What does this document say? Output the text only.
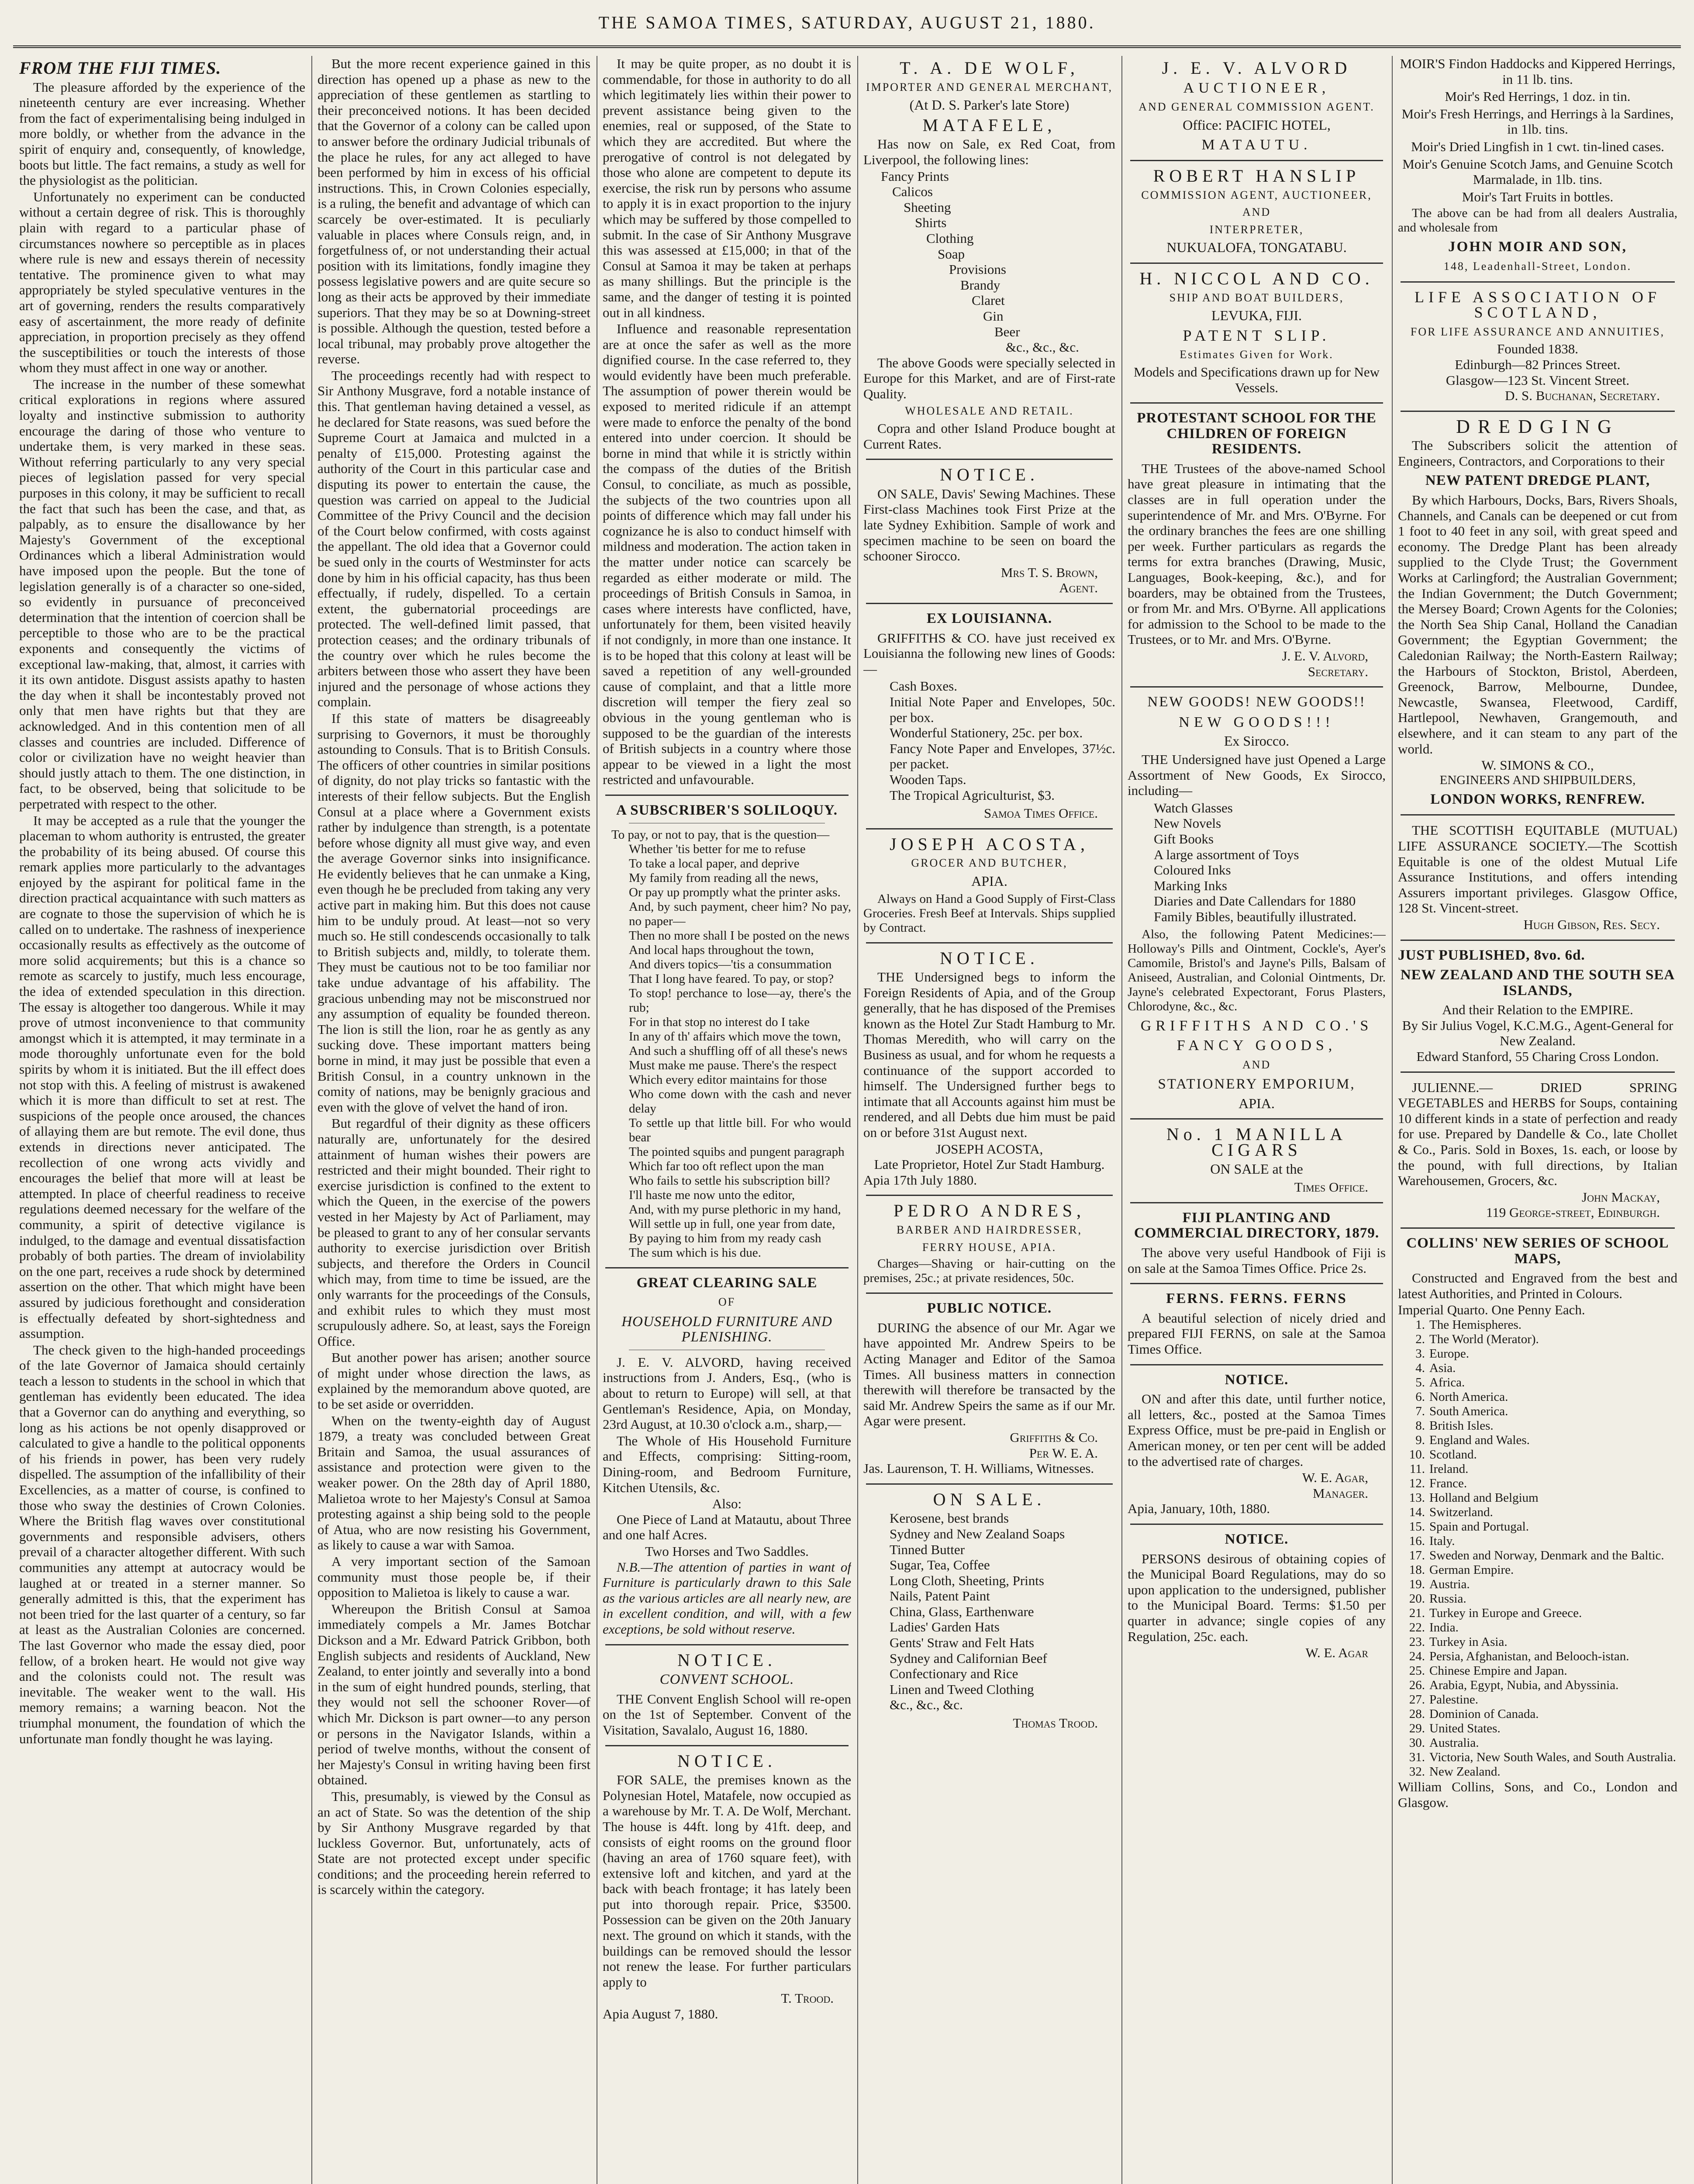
THE SAMOA TIMES, SATURDAY, AUGUST 21, 1880.
FROM THE FIJI TIMES.

The pleasure afforded by the experience of the nineteenth century are ever increasing. Whether from the fact of experimentalising being indulged in more boldly, or whether from the advance in the spirit of enquiry and, consequently, of knowledge, boots but little. The fact remains, a study as well for the physiologist as the politician.

Unfortunately no experiment can be conducted without a certain degree of risk. This is thoroughly plain with regard to a particular phase of circumstances nowhere so perceptible as in places where rule is new and essays therein of necessity tentative. The prominence given to what may appropriately be styled speculative ventures in the art of governing, renders the results comparatively easy of ascertainment, the more ready of definite appreciation, in proportion precisely as they offend the susceptibilities or touch the interests of those whom they must affect in one way or another.

The increase in the number of these somewhat critical explorations in regions where assured loyalty and instinctive submission to authority encourage the daring of those who venture to undertake them, is very marked in these seas. Without referring particularly to any very special pieces of legislation passed for very special purposes in this colony, it may be sufficient to recall the fact that such has been the case, and that, as palpably, as to ensure the disallowance by her Majesty's Government of the exceptional Ordinances which a liberal Administration would have imposed upon the people. But the tone of legislation generally is of a character so one-sided, so evidently in pursuance of preconceived determination that the intention of coercion shall be perceptible to those who are to be the practical exponents and consequently the victims of exceptional law-making, that, almost, it carries with it its own antidote. Disgust assists apathy to hasten the day when it shall be incontestably proved not only that men have rights but that they are acknowledged. And in this contention men of all classes and countries are included. Difference of color or civilization have no weight heavier than should justly attach to them. The one distinction, in fact, to be observed, being that solicitude to be perpetrated with respect to the other.

It may be accepted as a rule that the younger the placeman to whom authority is entrusted, the greater the probability of its being abused. Of course this remark applies more particularly to the advantages enjoyed by the aspirant for political fame in the direction practical acquaintance with such matters as are cognate to those the supervision of which he is called on to undertake. The rashness of inexperience occasionally results as effectively as the outcome of more solid acquirements; but this is a chance so remote as scarcely to justify, much less encourage, the idea of extended speculation in this direction. The essay is altogether too dangerous. While it may prove of utmost inconvenience to that community amongst which it is attempted, it may terminate in a mode thoroughly unfortunate even for the bold spirits by whom it is initiated. But the ill effect does not stop with this. A feeling of mistrust is awakened which it is more than difficult to set at rest. The suspicions of the people once aroused, the chances of allaying them are but remote. The evil done, thus extends in directions never anticipated. The recollection of one wrong acts vividly and encourages the belief that more will at least be attempted. In place of cheerful readiness to receive regulations deemed necessary for the welfare of the community, a spirit of detective vigilance is indulged, to the damage and eventual dissatisfaction probably of both parties. The dream of inviolability on the one part, receives a rude shock by determined assertion on the other. That which might have been assured by judicious forethought and consideration is effectually defeated by short-sightedness and assumption.

The check given to the high-handed proceedings of the late Governor of Jamaica should certainly teach a lesson to students in the school in which that gentleman has evidently been educated. The idea that a Governor can do anything and everything, so long as his actions be not openly disapproved or calculated to give a handle to the political opponents of his friends in power, has been very rudely dispelled. The assumption of the infallibility of their Excellencies, as a matter of course, is confined to those who sway the destinies of Crown Colonies. Where the British flag waves over constitutional governments and responsible advisers, others prevail of a character altogether different. With such communities any attempt at autocracy would be laughed at or treated in a sterner manner. So generally admitted is this, that the experiment has not been tried for the last quarter of a century, so far at least as the Australian Colonies are concerned. The last Governor who made the essay died, poor fellow, of a broken heart. He would not give way and the colonists could not. The result was inevitable. The weaker went to the wall. His memory remains; a warning beacon. Not the triumphal monument, the foundation of which the unfortunate man fondly thought he was laying.

But the more recent experience gained in this direction has opened up a phase as new to the appreciation of these gentlemen as startling to their preconceived notions. It has been decided that the Governor of a colony can be called upon to answer before the ordinary Judicial tribunals of the place he rules, for any act alleged to have been performed by him in excess of his official instructions. This, in Crown Colonies especially, is a ruling, the benefit and advantage of which can scarcely be over-estimated. It is peculiarly valuable in places where Consuls reign, and, in forgetfulness of, or not understanding their actual position with its limitations, fondly imagine they possess legislative powers and are quite secure so long as their acts be approved by their immediate superiors. That they may be so at Downing-street is possible. Although the question, tested before a local tribunal, may probably prove altogether the reverse.

The proceedings recently had with respect to Sir Anthony Musgrave, ford a notable instance of this. That gentleman having detained a vessel, as he declared for State reasons, was sued before the Supreme Court at Jamaica and mulcted in a penalty of £15,000. Protesting against the authority of the Court in this particular case and disputing its power to entertain the cause, the question was carried on appeal to the Judicial Committee of the Privy Council and the decision of the Court below confirmed, with costs against the appellant. The old idea that a Governor could be sued only in the courts of Westminster for acts done by him in his official capacity, has thus been effectually, if rudely, dispelled. To a certain extent, the gubernatorial proceedings are protected. The well-defined limit passed, that protection ceases; and the ordinary tribunals of the country over which he rules become the arbiters between those who assert they have been injured and the personage of whose actions they complain.

If this state of matters be disagreeably surprising to Governors, it must be thoroughly astounding to Consuls. That is to British Consuls. The officers of other countries in similar positions of dignity, do not play tricks so fantastic with the interests of their fellow subjects. But the English Consul at a place where a Government exists rather by indulgence than strength, is a potentate before whose dignity all must give way, and even the average Governor sinks into insignificance. He evidently believes that he can unmake a King, even though he be precluded from taking any very active part in making him. But this does not cause him to be unduly proud. At least—not so very much so. He still condescends occasionally to talk to British subjects and, mildly, to tolerate them. They must be cautious not to be too familiar nor take undue advantage of his affability. The gracious unbending may not be misconstrued nor any assumption of equality be founded thereon. The lion is still the lion, roar he as gently as any sucking dove. These important matters being borne in mind, it may just be possible that even a British Consul, in a country unknown in the comity of nations, may be benignly gracious and even with the glove of velvet the hand of iron.

But regardful of their dignity as these officers naturally are, unfortunately for the desired attainment of human wishes their powers are restricted and their might bounded. Their right to exercise jurisdiction is confined to the extent to which the Queen, in the exercise of the powers vested in her Majesty by Act of Parliament, may be pleased to grant to any of her consular servants authority to exercise jurisdiction over British subjects, and therefore the Orders in Council which may, from time to time be issued, are the only warrants for the proceedings of the Consuls, and exhibit rules to which they must most scrupulously adhere. So, at least, says the Foreign Office.

But another power has arisen; another source of might under whose direction the laws, as explained by the memorandum above quoted, are to be set aside or overridden.

When on the twenty-eighth day of August 1879, a treaty was concluded between Great Britain and Samoa, the usual assurances of assistance and protection were given to the weaker power. On the 28th day of April 1880, Malietoa wrote to her Majesty's Consul at Samoa protesting against a ship being sold to the people of Atua, who are now resisting his Government, as likely to cause a war with Samoa.

A very important section of the Samoan community must those people be, if their opposition to Malietoa is likely to cause a war.

Whereupon the British Consul at Samoa immediately compels a Mr. James Botchar Dickson and a Mr. Edward Patrick Gribbon, both English subjects and residents of Auckland, New Zealand, to enter jointly and severally into a bond in the sum of eight hundred pounds, sterling, that they would not sell the schooner Rover—of which Mr. Dickson is part owner—to any person or persons in the Navigator Islands, within a period of twelve months, without the consent of her Majesty's Consul in writing having been first obtained.

This, presumably, is viewed by the Consul as an act of State. So was the detention of the ship by Sir Anthony Musgrave regarded by that luckless Governor. But, unfortunately, acts of State are not protected except under specific conditions; and the proceeding herein referred to is scarcely within the category.

It may be quite proper, as no doubt it is commendable, for those in authority to do all which legitimately lies within their power to prevent assistance being given to the enemies, real or supposed, of the State to which they are accredited. But where the prerogative of control is not delegated by those who alone are competent to depute its exercise, the risk run by persons who assume to apply it is in exact proportion to the injury which may be suffered by those compelled to submit. In the case of Sir Anthony Musgrave this was assessed at £15,000; in that of the Consul at Samoa it may be taken at perhaps as many shillings. But the principle is the same, and the danger of testing it is pointed out in all kindness.

Influence and reasonable representation are at once the safer as well as the more dignified course. In the case referred to, they would evidently have been much preferable. The assumption of power therein would be exposed to merited ridicule if an attempt were made to enforce the penalty of the bond entered into under coercion. It should be borne in mind that while it is strictly within the compass of the duties of the British Consul, to conciliate, as much as possible, the subjects of the two countries upon all points of difference which may fall under his cognizance he is also to conduct himself with mildness and moderation. The action taken in the matter under notice can scarcely be regarded as either moderate or mild. The proceedings of British Consuls in Samoa, in cases where interests have conflicted, have, unfortunately for them, been visited heavily if not condignly, in more than one instance. It is to be hoped that this colony at least will be saved a repetition of any well-grounded cause of complaint, and that a little more discretion will temper the fiery zeal so obvious in the young gentleman who is supposed to be the guardian of the interests of British subjects in a country where those appear to be viewed in a light the most restricted and unfavourable.

A SUBSCRIBER'S SOLILOQUY.
To pay, or not to pay, that is the question—
Whether 'tis better for me to refuse
To take a local paper, and deprive
My family from reading all the news,
Or pay up promptly what the printer asks.
And, by such payment, cheer him? No pay, no paper—
Then no more shall I be posted on the news
And local haps throughout the town,
And divers topics—'tis a consummation
That I long have feared. To pay, or stop?
To stop! perchance to lose—ay, there's the rub;
For in that stop no interest do I take
In any of th' affairs which move the town,
And such a shuffling off of all these's news
Must make me pause. There's the respect
Which every editor maintains for those
Who come down with the cash and never delay
To settle up that little bill. For who would bear
The pointed squibs and pungent paragraph
Which far too oft reflect upon the man
Who fails to settle his subscription bill?
I'll haste me now unto the editor,
And, with my purse plethoric in my hand,
Will settle up in full, one year from date,
By paying to him from my ready cash
The sum which is his due.
GREAT CLEARING SALE
OF
HOUSEHOLD FURNITURE AND PLENISHING.

J. E. V. ALVORD, having received instructions from J. Anders, Esq., (who is about to return to Europe) will sell, at that Gentleman's Residence, Apia, on Monday, 23rd August, at 10.30 o'clock a.m., sharp,—

The Whole of His Household Furniture and Effects, comprising: Sitting-room, Dining-room, and Bedroom Furniture, Kitchen Utensils, &c.

Also:

One Piece of Land at Matautu, about Three and one half Acres.

Two Horses and Two Saddles.

N.B.—The attention of parties in want of Furniture is particularly drawn to this Sale as the various articles are all nearly new, are in excellent condition, and will, with a few exceptions, be sold without reserve.

NOTICE.
CONVENT SCHOOL.

THE Convent English School will re-open on the 1st of September. Convent of the Visitation, Savalalo, August 16, 1880.

NOTICE.

FOR SALE, the premises known as the Polynesian Hotel, Matafele, now occupied as a warehouse by Mr. T. A. De Wolf, Merchant. The house is 44ft. long by 41ft. deep, and consists of eight rooms on the ground floor (having an area of 1760 square feet), with extensive loft and kitchen, and yard at the back with beach frontage; it has lately been put into thorough repair. Price, $3500. Possession can be given on the 20th January next. The ground on which it stands, with the buildings can be removed should the lessor not renew the lease. For further particulars apply to

T. Trood.
Apia August 7, 1880.
T. A. DE WOLF,
IMPORTER AND GENERAL MERCHANT,
(At D. S. Parker's late Store)
MATAFELE,

Has now on Sale, ex Red Coat, from Liverpool, the following lines:

Fancy Prints
Calicos
Sheeting
Shirts
Clothing
Soap
Provisions
Brandy
Claret
Gin
Beer
&c., &c., &c.

The above Goods were specially selected in Europe for this Market, and are of First-rate Quality.

WHOLESALE AND RETAIL.

Copra and other Island Produce bought at Current Rates.

NOTICE.

ON SALE, Davis' Sewing Machines. These First-class Machines took First Prize at the late Sydney Exhibition. Sample of work and specimen machine to be seen on board the schooner Sirocco.

Mrs T. S. Brown,
Agent.
EX LOUISIANNA.

GRIFFITHS & CO. have just received ex Louisianna the following new lines of Goods:—

Cash Boxes.
Initial Note Paper and Envelopes, 50c. per box.
Wonderful Stationery, 25c. per box.
Fancy Note Paper and Envelopes, 37½c. per packet.
Wooden Taps.
The Tropical Agriculturist, $3.
Samoa Times Office.
JOSEPH ACOSTA,
GROCER AND BUTCHER,
APIA.

Always on Hand a Good Supply of First-Class Groceries. Fresh Beef at Intervals. Ships supplied by Contract.

NOTICE.

THE Undersigned begs to inform the Foreign Residents of Apia, and of the Group generally, that he has disposed of the Premises known as the Hotel Zur Stadt Hamburg to Mr. Thomas Meredith, who will carry on the Business as usual, and for whom he requests a continuance of the support accorded to himself. The Undersigned further begs to intimate that all Accounts against him must be rendered, and all Debts due him must be paid on or before 31st August next.

JOSEPH ACOSTA,
Late Proprietor, Hotel Zur Stadt Hamburg.
Apia 17th July 1880.
PEDRO ANDRES,
BARBER AND HAIRDRESSER,
FERRY HOUSE, APIA.

Charges—Shaving or hair-cutting on the premises, 25c.; at private residences, 50c.

PUBLIC NOTICE.

DURING the absence of our Mr. Agar we have appointed Mr. Andrew Speirs to be Acting Manager and Editor of the Samoa Times. All business matters in connection therewith will therefore be transacted by the said Mr. Andrew Speirs the same as if our Mr. Agar were present.

Griffiths & Co.
Per W. E. A.
Jas. Laurenson, T. H. Williams, Witnesses.
ON SALE.
Kerosene, best brands
Sydney and New Zealand Soaps
Tinned Butter
Sugar, Tea, Coffee
Long Cloth, Sheeting, Prints
Nails, Patent Paint
China, Glass, Earthenware
Ladies' Garden Hats
Gents' Straw and Felt Hats
Sydney and Californian Beef
Confectionary and Rice
Linen and Tweed Clothing
&c., &c., &c.
Thomas Trood.
J. E. V. ALVORD
AUCTIONEER,
AND GENERAL COMMISSION AGENT.
Office: PACIFIC HOTEL,
MATAUTU.
ROBERT HANSLIP
COMMISSION AGENT, AUCTIONEER,
AND
INTERPRETER,
NUKUALOFA, TONGATABU.
H. NICCOL AND CO.
SHIP AND BOAT BUILDERS,
LEVUKA, FIJI.
PATENT SLIP.
Estimates Given for Work.
Models and Specifications drawn up for New Vessels.
PROTESTANT SCHOOL FOR THE CHILDREN OF FOREIGN RESIDENTS.

THE Trustees of the above-named School have great pleasure in intimating that the classes are in full operation under the superintendence of Mr. and Mrs. O'Byrne. For the ordinary branches the fees are one shilling per week. Further particulars as regards the terms for extra branches (Drawing, Music, Languages, Book-keeping, &c.), and for boarders, may be obtained from the Trustees, or from Mr. and Mrs. O'Byrne. All applications for admission to the School to be made to the Trustees, or to Mr. and Mrs. O'Byrne.

J. E. V. Alvord,
Secretary.
NEW GOODS! NEW GOODS!!
NEW GOODS!!!
Ex Sirocco.

THE Undersigned have just Opened a Large Assortment of New Goods, Ex Sirocco, including—

Watch Glasses
New Novels
Gift Books
A large assortment of Toys
Coloured Inks
Marking Inks
Diaries and Date Callendars for 1880
Family Bibles, beautifully illustrated.

Also, the following Patent Medicines:—Holloway's Pills and Ointment, Cockle's, Ayer's Camomile, Bristol's and Jayne's Pills, Balsam of Aniseed, Australian, and Colonial Ointments, Dr. Jayne's celebrated Expectorant, Forus Plasters, Chlorodyne, &c., &c.

GRIFFITHS AND CO.'S
FANCY GOODS,
AND
STATIONERY EMPORIUM,
APIA.
No. 1 MANILLA CIGARS
ON SALE at the
Times Office.
FIJI PLANTING AND COMMERCIAL DIRECTORY, 1879.

The above very useful Handbook of Fiji is on sale at the Samoa Times Office. Price 2s.

FERNS. FERNS. FERNS

A beautiful selection of nicely dried and prepared FIJI FERNS, on sale at the Samoa Times Office.

NOTICE.

ON and after this date, until further notice, all letters, &c., posted at the Samoa Times Express Office, must be pre-paid in English or American money, or ten per cent will be added to the advertised rate of charges.

W. E. Agar,
Manager.
Apia, January, 10th, 1880.
NOTICE.

PERSONS desirous of obtaining copies of the Municipal Board Regulations, may do so upon application to the undersigned, publisher to the Municipal Board. Terms: $1.50 per quarter in advance; single copies of any Regulation, 25c. each.

W. E. Agar
MOIR'S Findon Haddocks and Kippered Herrings, in 11 lb. tins.
Moir's Red Herrings, 1 doz. in tin.
Moir's Fresh Herrings, and Herrings à la Sardines, in 1lb. tins.
Moir's Dried Lingfish in 1 cwt. tin-lined cases.
Moir's Genuine Scotch Jams, and Genuine Scotch Marmalade, in 1lb. tins.
Moir's Tart Fruits in bottles.

The above can be had from all dealers Australia, and wholesale from

JOHN MOIR AND SON,
148, Leadenhall-Street, London.
LIFE ASSOCIATION OF SCOTLAND,
FOR LIFE ASSURANCE AND ANNUITIES,
Founded 1838.
Edinburgh—82 Princes Street.
Glasgow—123 St. Vincent Street.
D. S. Buchanan, Secretary.
DREDGING

The Subscribers solicit the attention of Engineers, Contractors, and Corporations to their

NEW PATENT DREDGE PLANT,

By which Harbours, Docks, Bars, Rivers Shoals, Channels, and Canals can be deepened or cut from 1 foot to 40 feet in any soil, with great speed and economy. The Dredge Plant has been already supplied to the Clyde Trust; the Government Works at Carlingford; the Australian Government; the Indian Government; the Dutch Government; the Mersey Board; Crown Agents for the Colonies; the North Sea Ship Canal, Holland the Canadian Government; the Egyptian Government; the Caledonian Railway; the North-Eastern Railway; the Harbours of Stockton, Bristol, Aberdeen, Greenock, Barrow, Melbourne, Dundee, Newcastle, Swansea, Fleetwood, Cardiff, Hartlepool, Newhaven, Grangemouth, and elsewhere, and it can steam to any part of the world.

W. SIMONS & CO.,
ENGINEERS AND SHIPBUILDERS,
LONDON WORKS, RENFREW.

THE SCOTTISH EQUITABLE (MUTUAL) LIFE ASSURANCE SOCIETY.—The Scottish Equitable is one of the oldest Mutual Life Assurance Institutions, and offers intending Assurers important privileges. Glasgow Office, 128 St. Vincent-street.

Hugh Gibson, Res. Secy.
JUST PUBLISHED, 8vo. 6d.
NEW ZEALAND AND THE SOUTH SEA ISLANDS,
And their Relation to the EMPIRE.
By Sir Julius Vogel, K.C.M.G., Agent-General for New Zealand.
Edward Stanford, 55 Charing Cross London.

JULIENNE.— DRIED SPRING VEGETABLES and HERBS for Soups, containing 10 different kinds in a state of perfection and ready for use. Prepared by Dandelle & Co., late Chollet & Co., Paris. Sold in Boxes, 1s. each, or loose by the pound, with full directions, by Italian Warehousemen, Grocers, &c.

John Mackay,
119 George-street, Edinburgh.
COLLINS' NEW SERIES OF SCHOOL MAPS,

Constructed and Engraved from the best and latest Authorities, and Printed in Colours.

Imperial Quarto. One Penny Each.
1. The Hemispheres.
2. The World (Merator).
3. Europe.
4. Asia.
5. Africa.
6. North America.
7. South America.
8. British Isles.
9. England and Wales.
10. Scotland.
11. Ireland.
12. France.
13. Holland and Belgium
14. Switzerland.
15. Spain and Portugal.
16. Italy.
17. Sweden and Norway, Denmark and the Baltic.
18. German Empire.
19. Austria.
20. Russia.
21. Turkey in Europe and Greece.
22. India.
23. Turkey in Asia.
24. Persia, Afghanistan, and Belooch-istan.
25. Chinese Empire and Japan.
26. Arabia, Egypt, Nubia, and Abyssinia.
27. Palestine.
28. Dominion of Canada.
29. United States.
30. Australia.
31. Victoria, New South Wales, and South Australia.
32. New Zealand.
William Collins, Sons, and Co., London and Glasgow.
